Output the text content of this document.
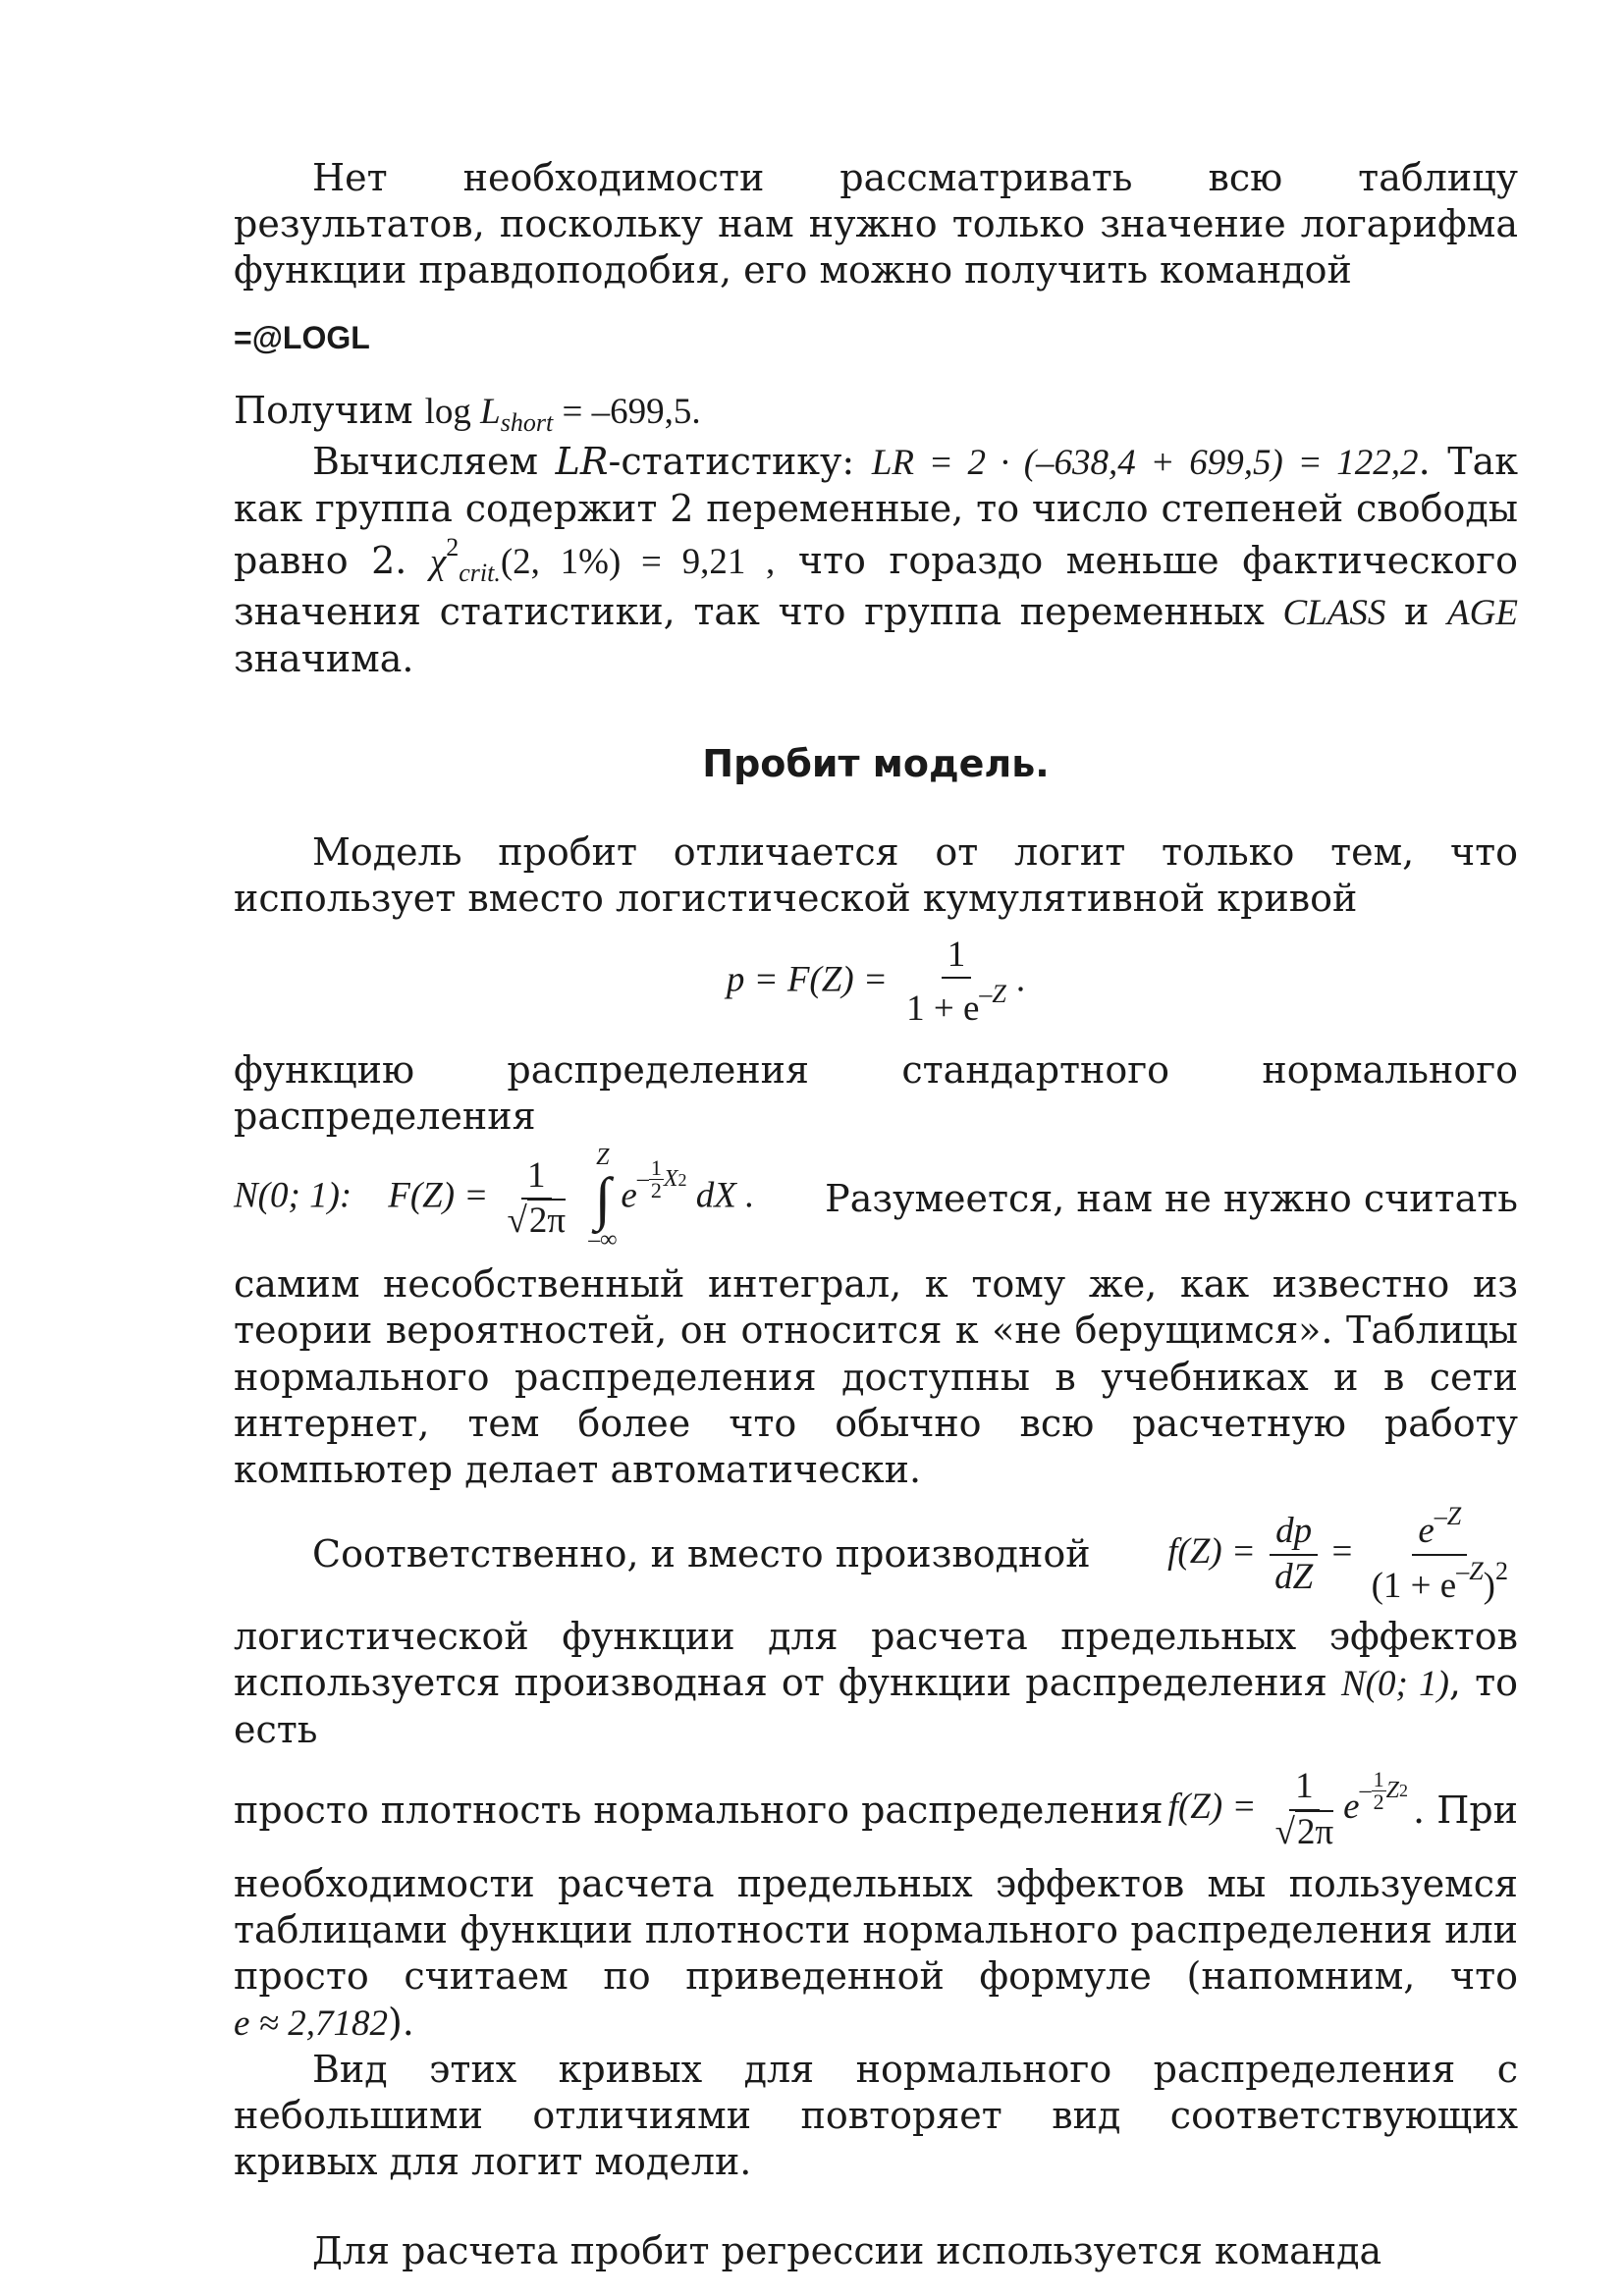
Нет необходимости рассматривать всю таблицу результатов, поскольку нам нужно только значение логарифма функции правдоподобия, его можно получить командой

=@LOGL

Получим $\log L_{short} = -699,5$.

Вычисляем LR-статистику: LR = 2 · (–638,4 + 699,5) = 122,2. Так как группа содержит 2 переменные, то число степеней свободы равно 2. $\chi^2_{crit.}(2$, 1%) = 9,21 , что гораздо меньше фактического значения статистики, так что группа переменных CLASS и AGE значима.

Пробит модель.

Модель пробит отличается от логит только тем, что использует вместо логистической кумулятивной кривой

$p = F(Z) = \frac{1}{1 + e^{-Z}}$ .

функцию распределения стандартного нормального распределения

N(0; 1): $F(Z) = \frac{1}{√2\pi}$
Z
∫
–∞
e – 1
2 X 2 dX . Разумеется, нам не нужно считать

самим несобственный интеграл, к тому же, как известно из теории вероятностей, он относится к «не берущимся». Таблицы нормального распределения доступны в учебниках и в сети интернет, тем более что обычно всю расчетную работу компьютер делает автоматически.

Соответственно, и вместо производной $f(Z) = \frac{dp}{dZ} = \frac{e^{-Z}}{(1 + e^{-Z})^2}$

логистической функции для расчета предельных эффектов используется производная от функции распределения N(0; 1), то есть

просто плотность нормального распределения $f(Z) = \frac{1}{√2\pi}$ e – 1
2 Z 2 . При

необходимости расчета предельных эффектов мы пользуемся таблицами функции плотности нормального распределения или просто считаем по приведенной формуле (напомним, что e ≈ 2,7182).

Вид этих кривых для нормального распределения с небольшими отличиями повторяет вид соответствующих кривых для логит модели.

Для расчета пробит регрессии используется команда
